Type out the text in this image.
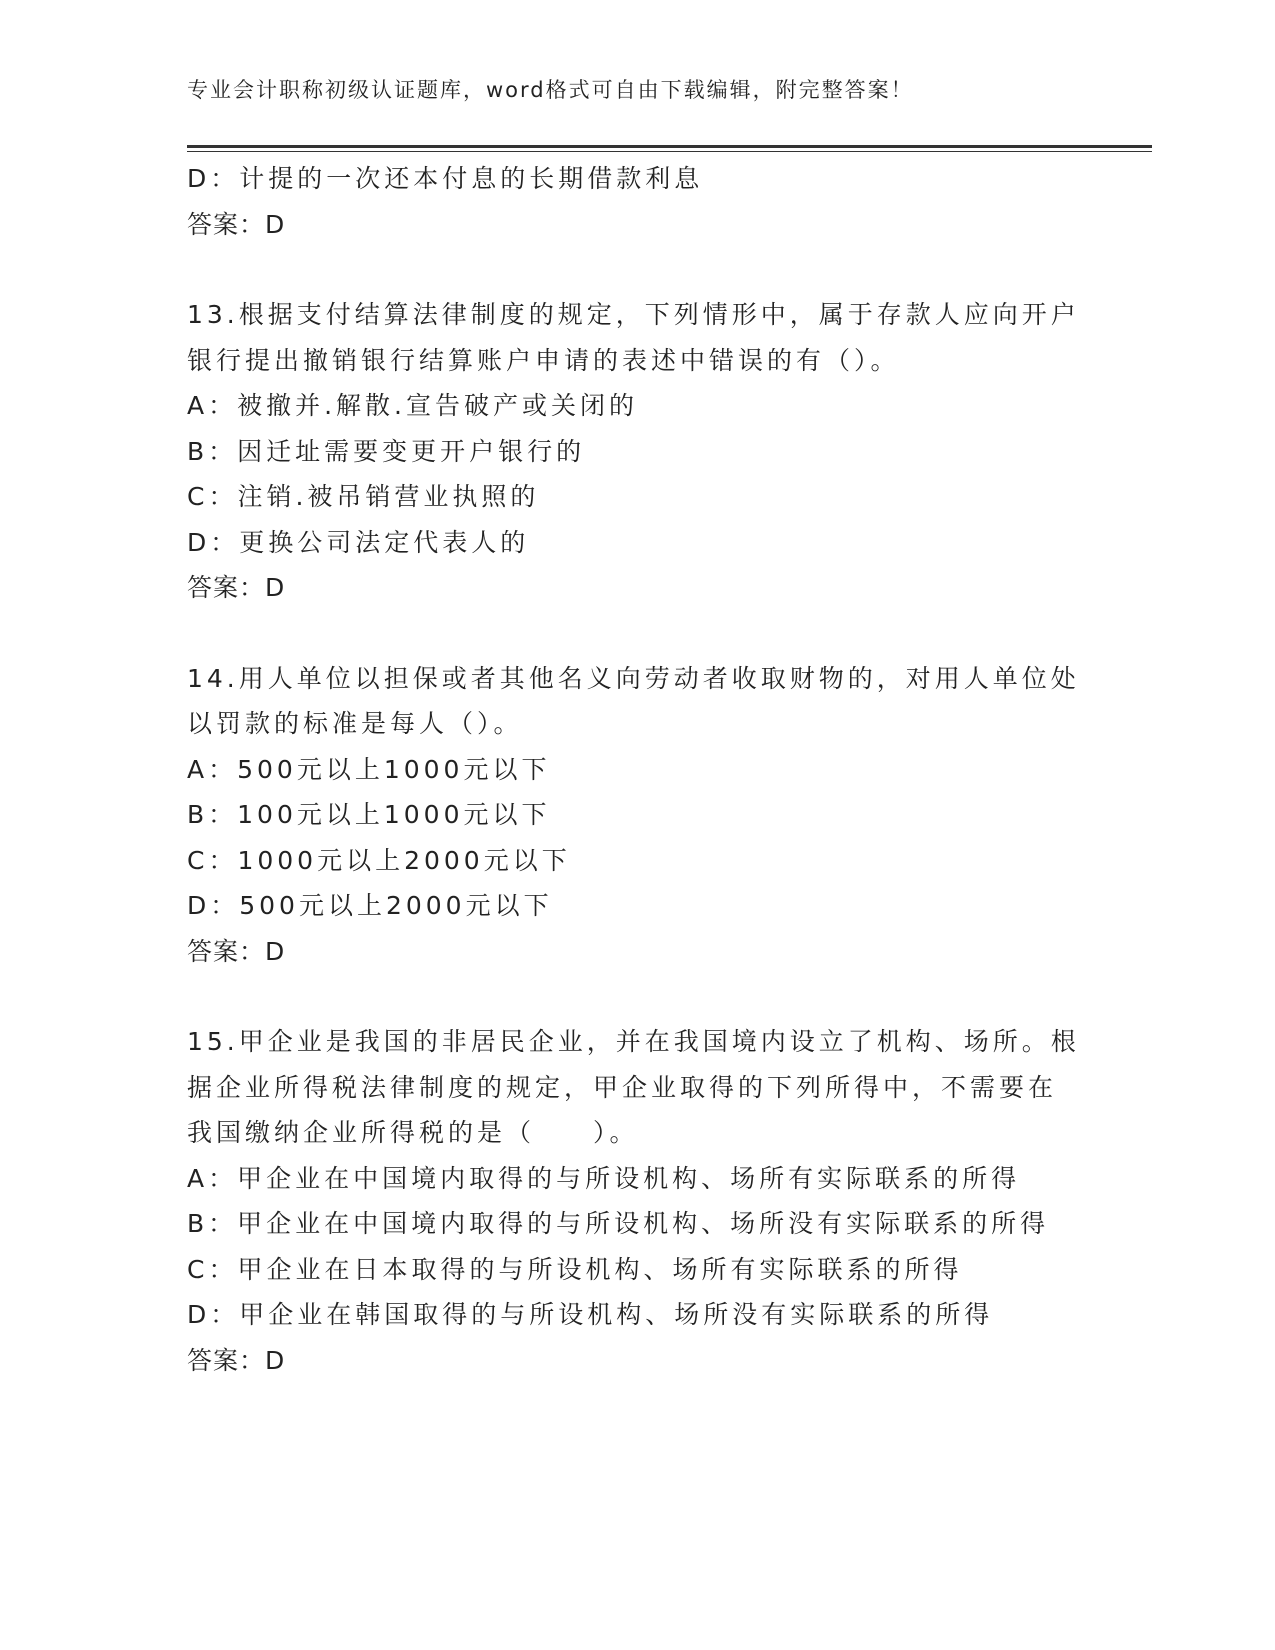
专业会计职称初级认证题库，word格式可自由下载编辑，附完整答案！
D：计提的一次还本付息的长期借款利息
答案：D
13.根据支付结算法律制度的规定，下列情形中，属于存款人应向开户
银行提出撤销银行结算账户申请的表述中错误的有（）。
A：被撤并.解散.宣告破产或关闭的
B：因迁址需要变更开户银行的
C：注销.被吊销营业执照的
D：更换公司法定代表人的
答案：D
14.用人单位以担保或者其他名义向劳动者收取财物的，对用人单位处
以罚款的标准是每人（）。
A：500元以上1000元以下
B：100元以上1000元以下
C：1000元以上2000元以下
D：500元以上2000元以下
答案：D
15.甲企业是我国的非居民企业，并在我国境内设立了机构、场所。根
据企业所得税法律制度的规定，甲企业取得的下列所得中，不需要在
我国缴纳企业所得税的是（　　）。
A：甲企业在中国境内取得的与所设机构、场所有实际联系的所得
B：甲企业在中国境内取得的与所设机构、场所没有实际联系的所得
C：甲企业在日本取得的与所设机构、场所有实际联系的所得
D：甲企业在韩国取得的与所设机构、场所没有实际联系的所得
答案：D
